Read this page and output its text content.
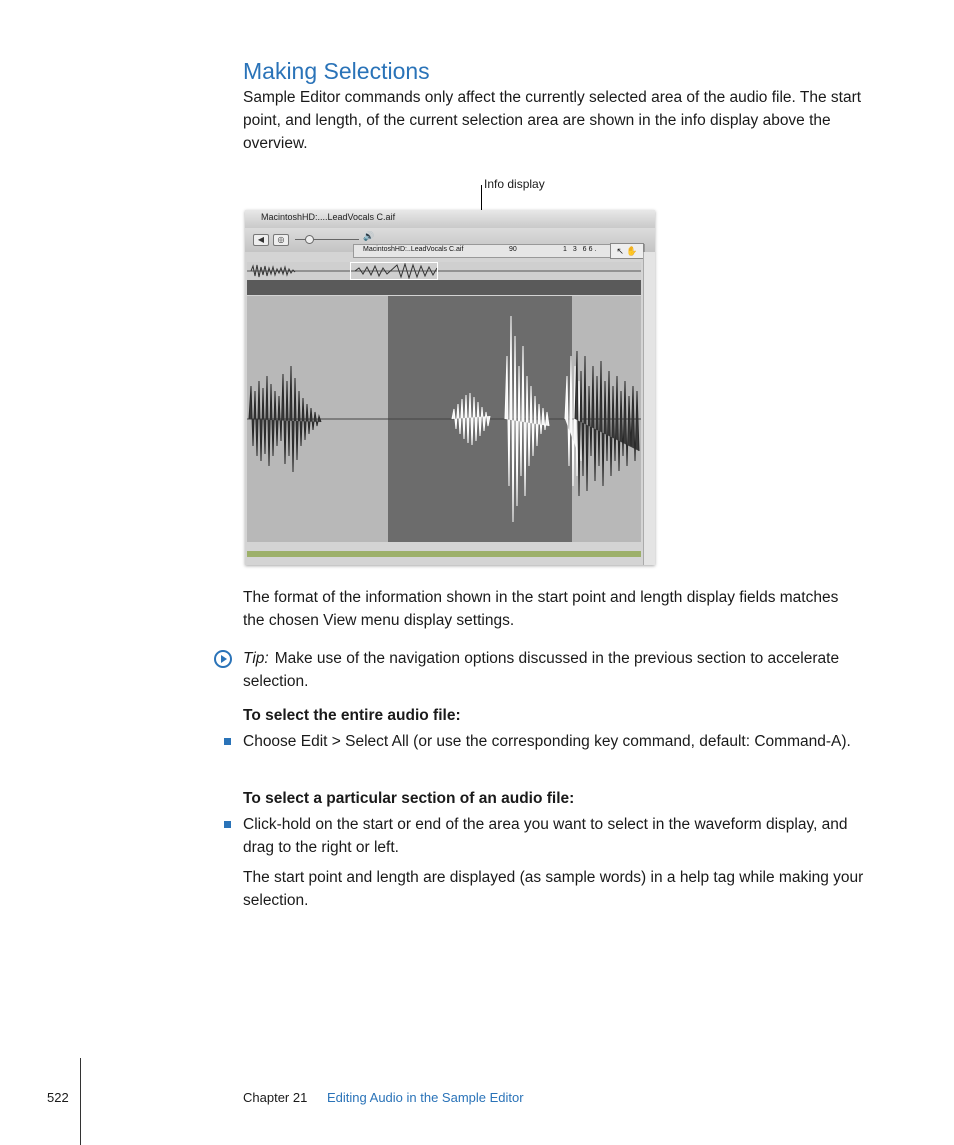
Making Selections
Sample Editor commands only affect the currently selected area of the audio file. The start point, and length, of the current selection area are shown in the info display above the overview.
Info display
MacintoshHD:....LeadVocals C.aif
◀	◎	🔊
MacintoshHD:..LeadVocals C.aif	90	1 3 66.	↖ ✋
The format of the information shown in the start point and length display fields matches the chosen View menu display settings.
Tip: Make use of the navigation options discussed in the previous section to accelerate selection.
To select the entire audio file:
Choose Edit > Select All (or use the corresponding key command, default: Command-A).
To select a particular section of an audio file:
Click-hold on the start or end of the area you want to select in the waveform display, and drag to the right or left.
The start point and length are displayed (as sample words) in a help tag while making your selection.
522	Chapter 21 Editing Audio in the Sample Editor
